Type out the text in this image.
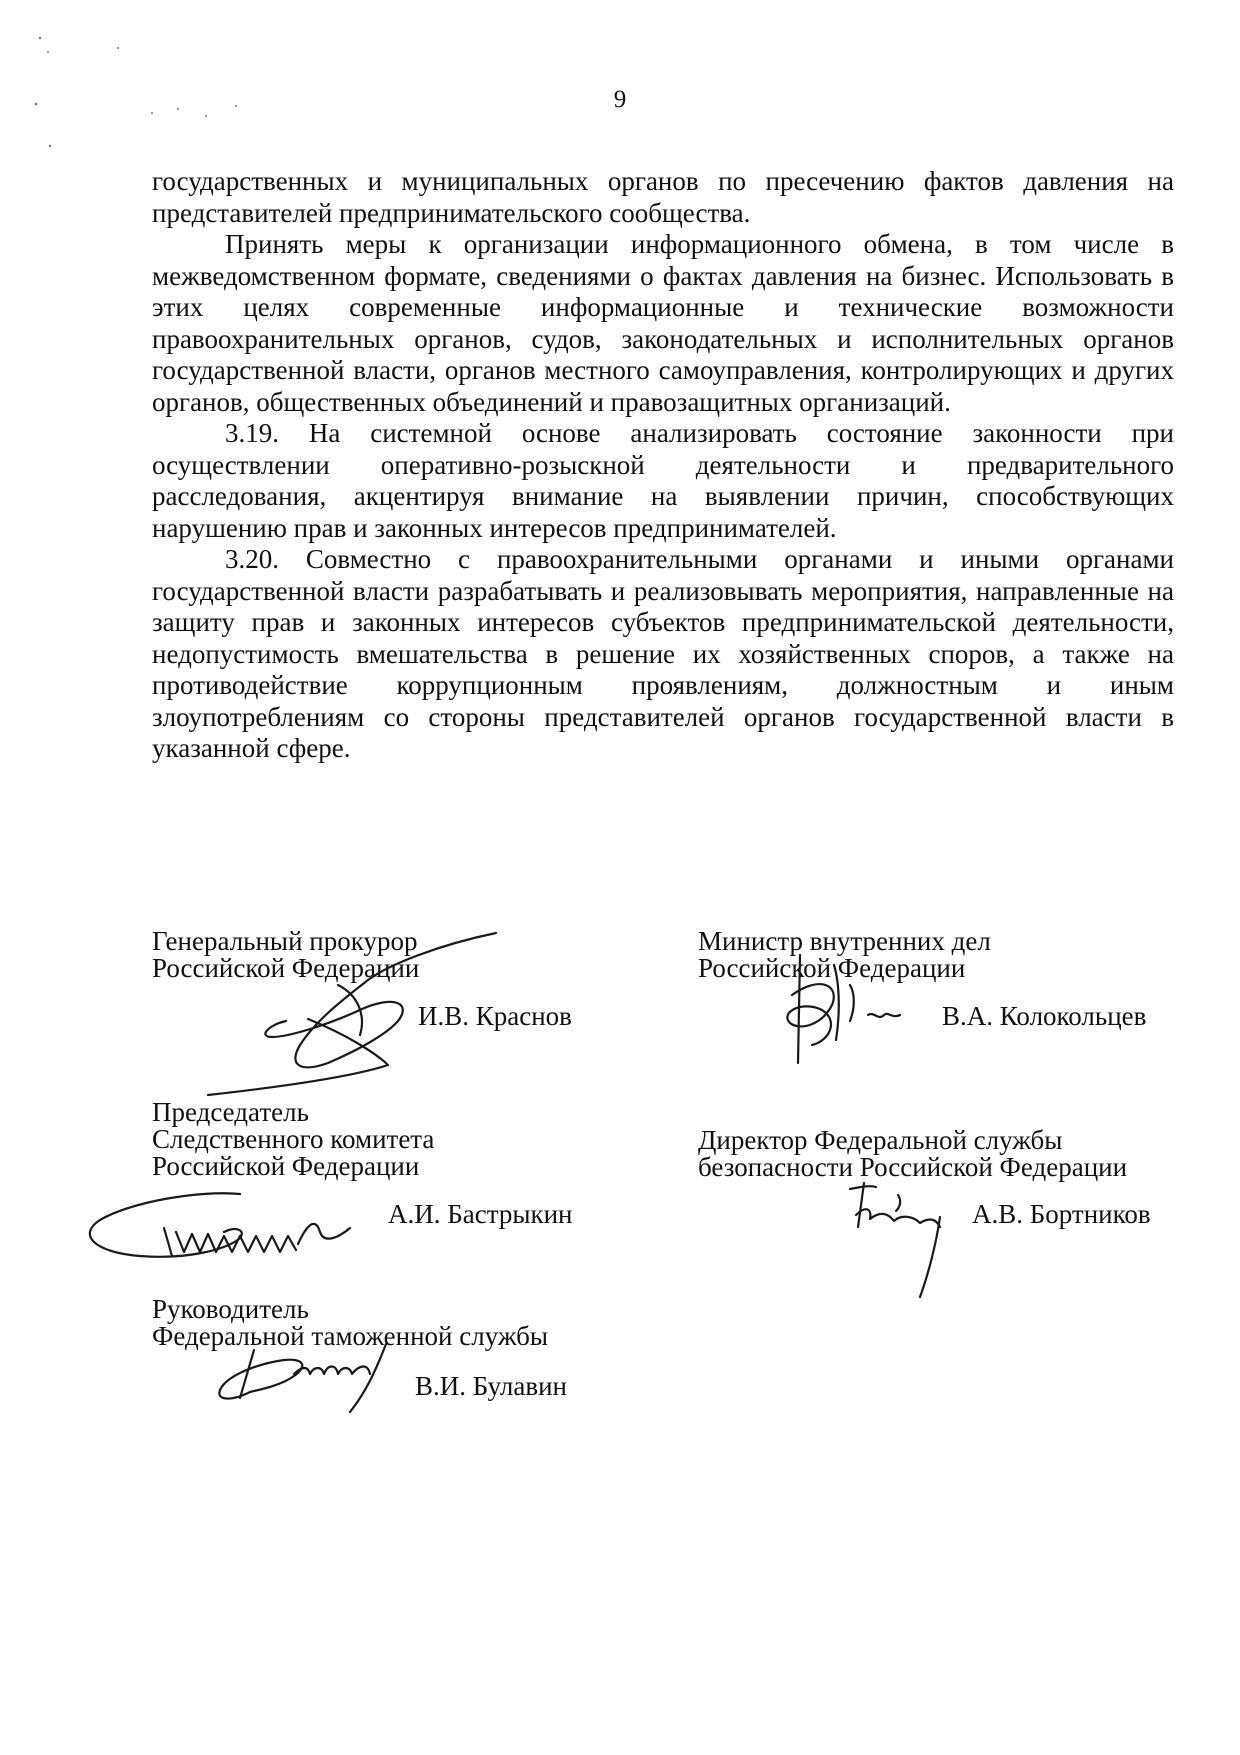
9

государственных и муниципальных органов по пресечению фактов давления на представителей предпринимательского сообщества.

Принять меры к организации информационного обмена, в том числе в межведомственном формате, сведениями о фактах давления на бизнес. Использовать в этих целях современные информационные и технические возможности правоохранительных органов, судов, законодательных и исполнительных органов государственной власти, органов местного самоуправления, контролирующих и других органов, общественных объединений и правозащитных организаций.

3.19. На системной основе анализировать состояние законности при осуществлении оперативно-розыскной деятельности и предварительного расследования, акцентируя внимание на выявлении причин, способствующих нарушению прав и законных интересов предпринимателей.

3.20. Совместно с правоохранительными органами и иными органами государственной власти разрабатывать и реализовывать мероприятия, направленные на защиту прав и законных интересов субъектов предпринимательской деятельности, недопустимость вмешательства в решение их хозяйственных споров, а также на противодействие коррупционным проявлениям, должностным и иным злоупотреблениям со стороны представителей органов государственной власти в указанной сфере.

Генеральный прокурор
Российской Федерации
И.В. Краснов
Министр внутренних дел
Российской Федерации
В.А. Колокольцев
Председатель
Следственного комитета
Российской Федерации
А.И. Бастрыкин
Директор Федеральной службы
безопасности Российской Федерации
А.В. Бортников
Руководитель
Федеральной таможенной службы
В.И. Булавин
